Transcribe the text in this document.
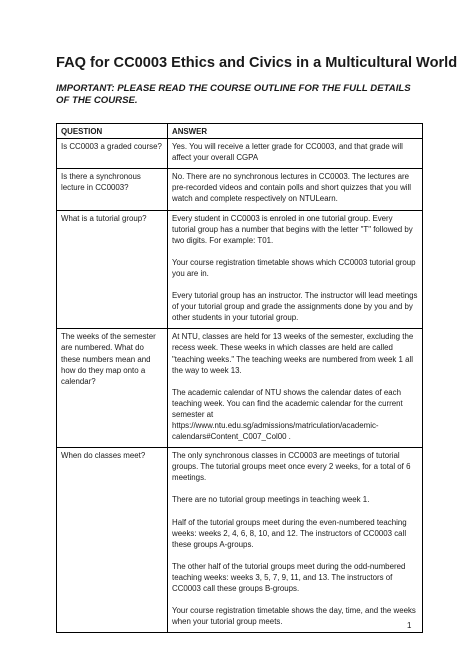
FAQ for CC0003 Ethics and Civics in a Multicultural World
IMPORTANT: PLEASE READ THE COURSE OUTLINE FOR THE FULL DETAILS OF THE COURSE.
QUESTION	ANSWER
Is CC0003 a graded course?	Yes. You will receive a letter grade for CC0003, and that grade will affect your overall CGPA

Is there a synchronous lecture in CC0003?	No. There are no synchronous lectures in CC0003. The lectures are pre-recorded videos and contain polls and short quizzes that you will watch and complete respectively on NTULearn.

What is a tutorial group?	Every student in CC0003 is enroled in one tutorial group. Every tutorial group has a number that begins with the letter "T" followed by two digits. For example: T01.

Your course registration timetable shows which CC0003 tutorial group you are in.

Every tutorial group has an instructor. The instructor will lead meetings of your tutorial group and grade the assignments done by you and by other students in your tutorial group.

The weeks of the semester are numbered. What do these numbers mean and how do they map onto a calendar?	At NTU, classes are held for 13 weeks of the semester, excluding the recess week. These weeks in which classes are held are called "teaching weeks." The teaching weeks are numbered from week 1 all the way to week 13.

The academic calendar of NTU shows the calendar dates of each teaching week. You can find the academic calendar for the current semester at https://www.ntu.edu.sg/admissions/matriculation/academic-calendars#Content_C007_Col00 .

When do classes meet?	The only synchronous classes in CC0003 are meetings of tutorial groups. The tutorial groups meet once every 2 weeks, for a total of 6 meetings.

There are no tutorial group meetings in teaching week 1.

Half of the tutorial groups meet during the even-numbered teaching weeks: weeks 2, 4, 6, 8, 10, and 12. The instructors of CC0003 call these groups A-groups.

The other half of the tutorial groups meet during the odd-numbered teaching weeks: weeks 3, 5, 7, 9, 11, and 13. The instructors of CC0003 call these groups B-groups.

Your course registration timetable shows the day, time, and the weeks when your tutorial group meets.	1
